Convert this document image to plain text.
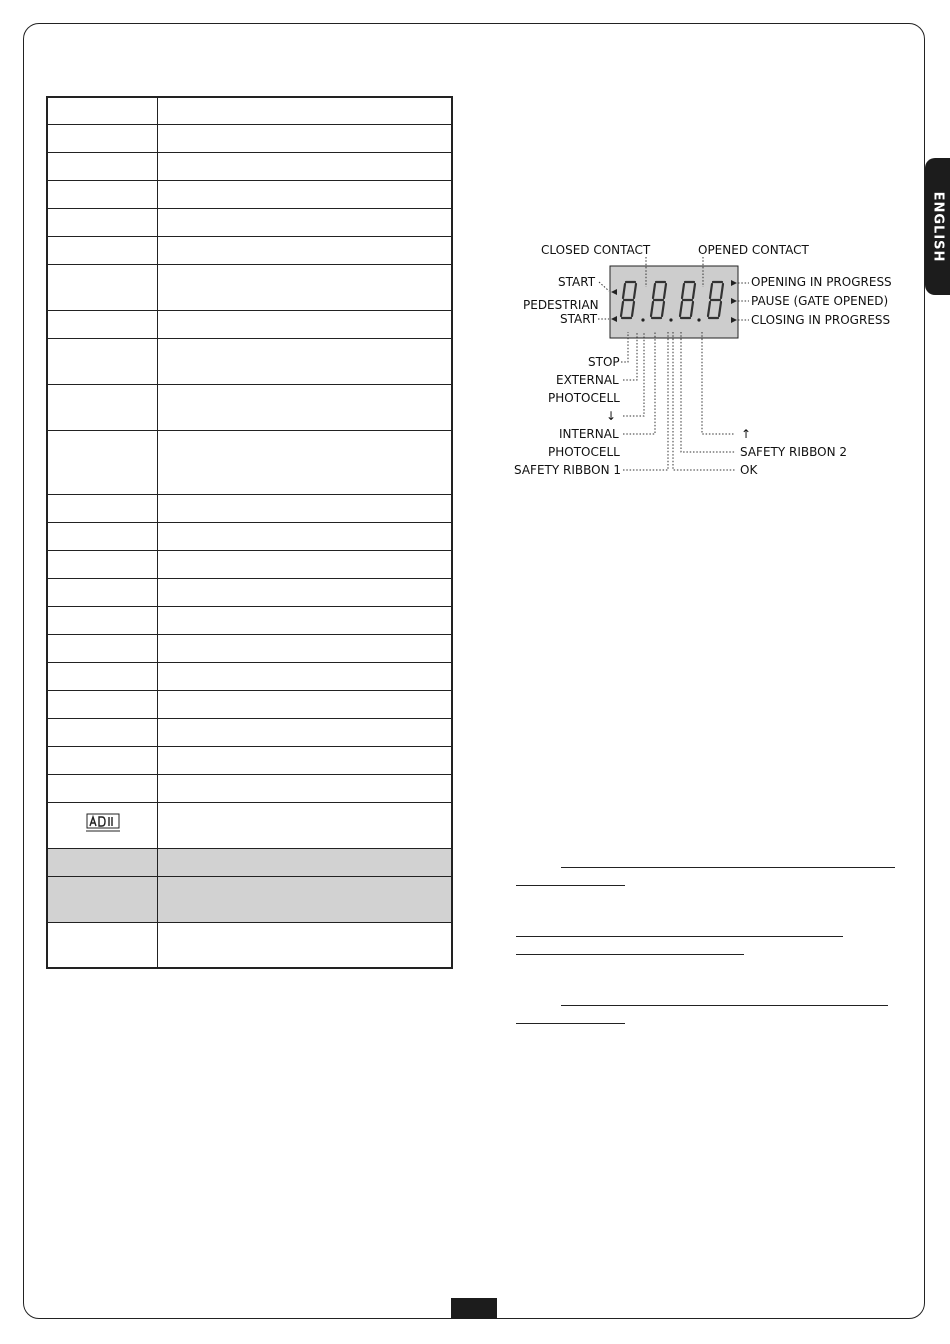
ENGLISH

CLOSED CONTACT	OPENED CONTACT
START
PEDESTRIAN
START
STOP
EXTERNAL
PHOTOCELL
↓
INTERNAL
PHOTOCELL
SAFETY RIBBON 1
OPENING IN PROGRESS
PAUSE (GATE OPENED)
CLOSING IN PROGRESS
↑
SAFETY RIBBON 2
OK
